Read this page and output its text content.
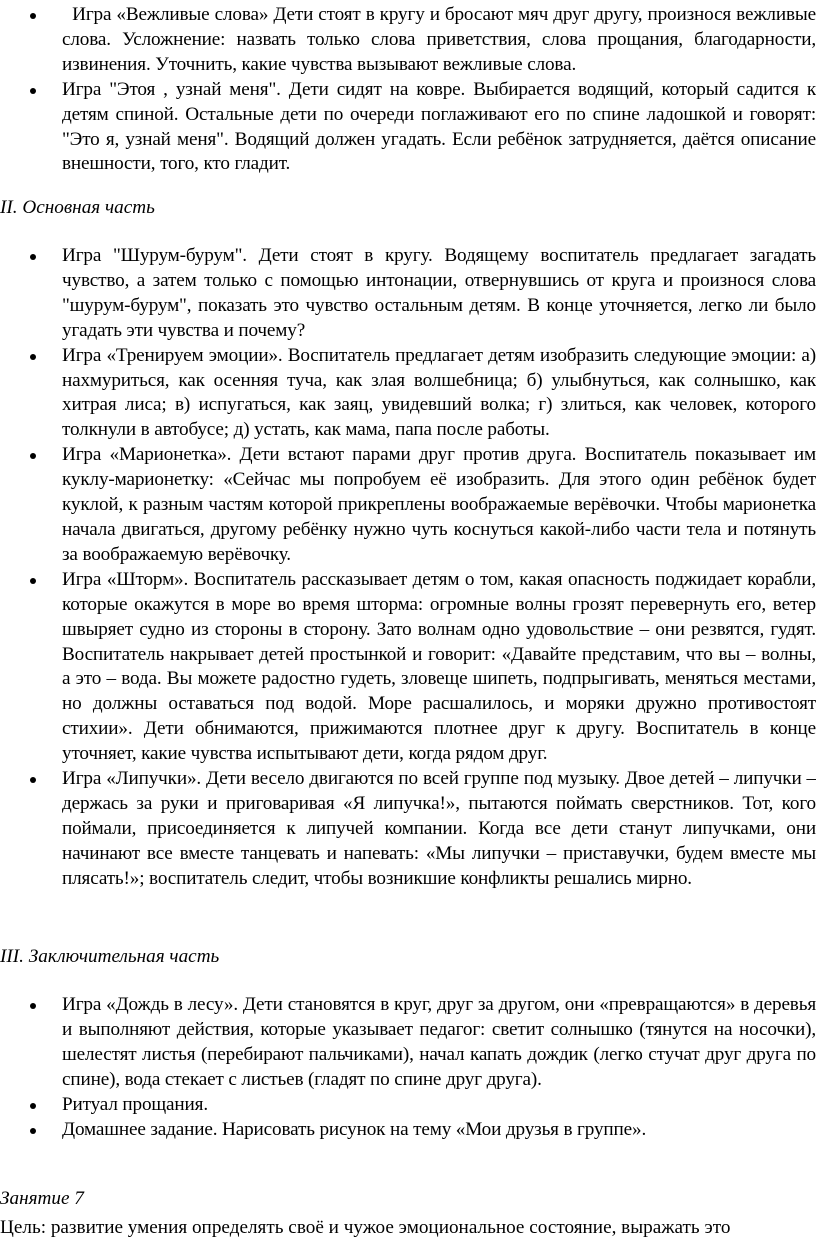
Игра «Вежливые слова» Дети стоят в кругу и бросают мяч друг другу, произнося вежливые слова. Усложнение: назвать только слова приветствия, слова прощания, благодарности, извинения. Уточнить, какие чувства вызывают вежливые слова.
Игра "Этоя , узнай меня". Дети сидят на ковре. Выбирается водящий, который садится к детям спиной. Остальные дети по очереди поглаживают его по спине ладошкой и говорят: "Это я, узнай меня". Водящий должен угадать. Если ребёнок затрудняется, даётся описание внешности, того, кто гладит.
II. Основная часть
Игра "Шурум-бурум". Дети стоят в кругу. Водящему воспитатель предлагает загадать чувство, а затем только с помощью интонации, отвернувшись от круга и произнося слова "шурум-бурум", показать это чувство остальным детям. В конце уточняется, легко ли было угадать эти чувства и почему?
Игра «Тренируем эмоции». Воспитатель предлагает детям изобразить следующие эмоции: а) нахмуриться, как осенняя туча, как злая волшебница; б) улыбнуться, как солнышко, как хитрая лиса; в) испугаться, как заяц, увидевший волка; г) злиться, как человек, которого толкнули в автобусе; д) устать, как мама, папа после работы.
Игра «Марионетка». Дети встают парами друг против друга. Воспитатель показывает им куклу-марионетку: «Сейчас мы попробуем её изобразить. Для этого один ребёнок будет куклой, к разным частям которой прикреплены воображаемые верёвочки. Чтобы марионетка начала двигаться, другому ребёнку нужно чуть коснуться какой-либо части тела и потянуть за воображаемую верёвочку.
Игра «Шторм». Воспитатель рассказывает детям о том, какая опасность поджидает корабли, которые окажутся в море во время шторма: огромные волны грозят перевернуть его, ветер швыряет судно из стороны в сторону. Зато волнам одно удовольствие – они резвятся, гудят. Воспитатель накрывает детей простынкой и говорит: «Давайте представим, что вы – волны, а это – вода. Вы можете радостно гудеть, зловеще шипеть, подпрыгивать, меняться местами, но должны оставаться под водой. Море расшалилось, и моряки дружно противостоят стихии». Дети обнимаются, прижимаются плотнее друг к другу. Воспитатель в конце уточняет, какие чувства испытывают дети, когда рядом друг.
Игра «Липучки». Дети весело двигаются по всей группе под музыку. Двое детей – липучки – держась за руки и приговаривая «Я липучка!», пытаются поймать сверстников. Тот, кого поймали, присоединяется к липучей компании. Когда все дети станут липучками, они начинают все вместе танцевать и напевать: «Мы липучки – приставучки, будем вместе мы плясать!»; воспитатель следит, чтобы возникшие конфликты решались мирно.
III. Заключительная часть
Игра «Дождь в лесу». Дети становятся в круг, друг за другом, они «превращаются» в деревья и выполняют действия, которые указывает педагог: светит солнышко (тянутся на носочки), шелестят листья (перебирают пальчиками), начал капать дождик (легко стучат друг друга по спине), вода стекает с листьев (гладят по спине друг друга).
Ритуал прощания.
Домашнее задание. Нарисовать рисунок на тему «Мои друзья в группе».
Занятие 7
Цель: развитие умения определять своё и чужое эмоциональное состояние, выражать это
